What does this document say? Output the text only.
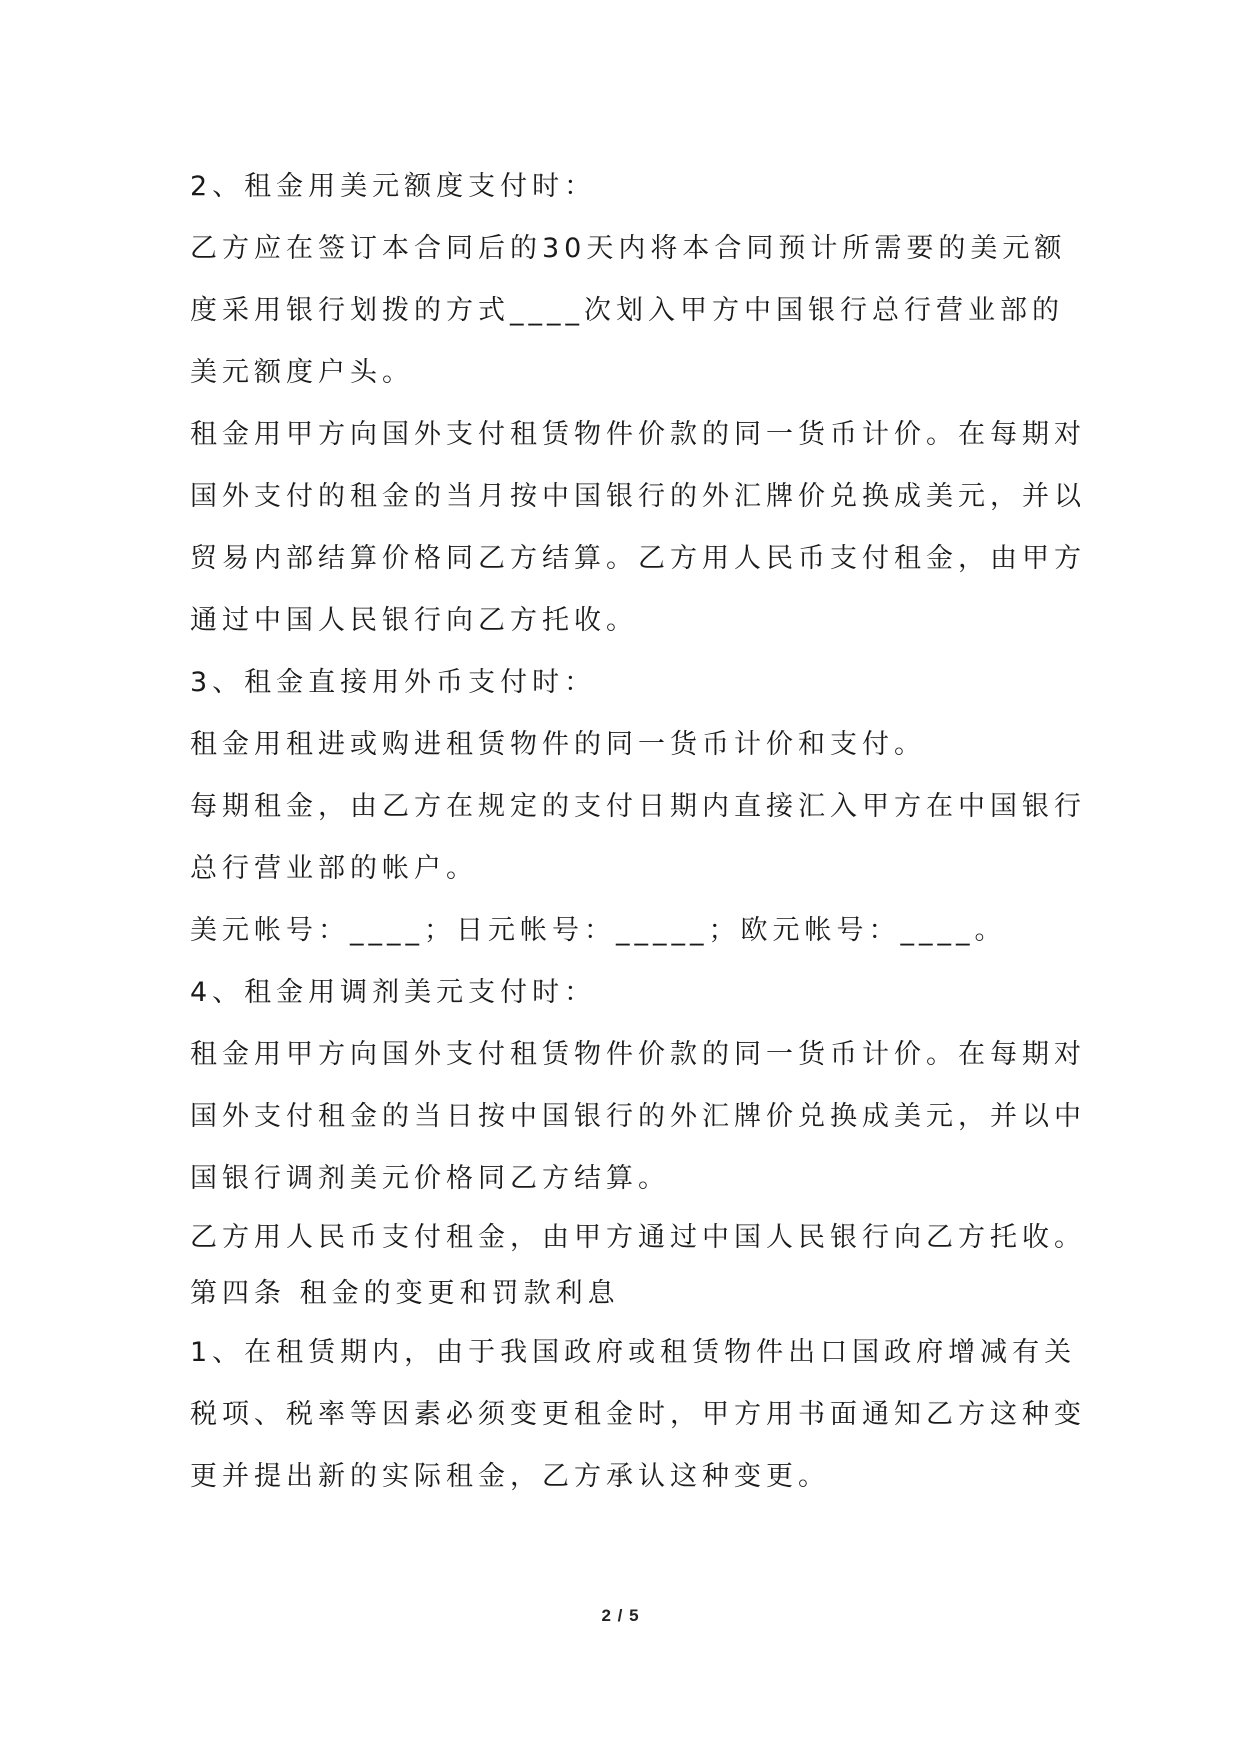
2、租金用美元额度支付时：
乙方应在签订本合同后的30天内将本合同预计所需要的美元额
度采用银行划拨的方式____次划入甲方中国银行总行营业部的
美元额度户头。
租金用甲方向国外支付租赁物件价款的同一货币计价。在每期对
国外支付的租金的当月按中国银行的外汇牌价兑换成美元，并以
贸易内部结算价格同乙方结算。乙方用人民币支付租金，由甲方
通过中国人民银行向乙方托收。
3、租金直接用外币支付时：
租金用租进或购进租赁物件的同一货币计价和支付。
每期租金，由乙方在规定的支付日期内直接汇入甲方在中国银行
总行营业部的帐户。
美元帐号：____；日元帐号：_____；欧元帐号：____。
4、租金用调剂美元支付时：
租金用甲方向国外支付租赁物件价款的同一货币计价。在每期对
国外支付租金的当日按中国银行的外汇牌价兑换成美元，并以中
国银行调剂美元价格同乙方结算。
乙方用人民币支付租金，由甲方通过中国人民银行向乙方托收。
第四条 租金的变更和罚款利息
1、在租赁期内，由于我国政府或租赁物件出口国政府增减有关
税项、税率等因素必须变更租金时，甲方用书面通知乙方这种变
更并提出新的实际租金，乙方承认这种变更。
2 / 5
